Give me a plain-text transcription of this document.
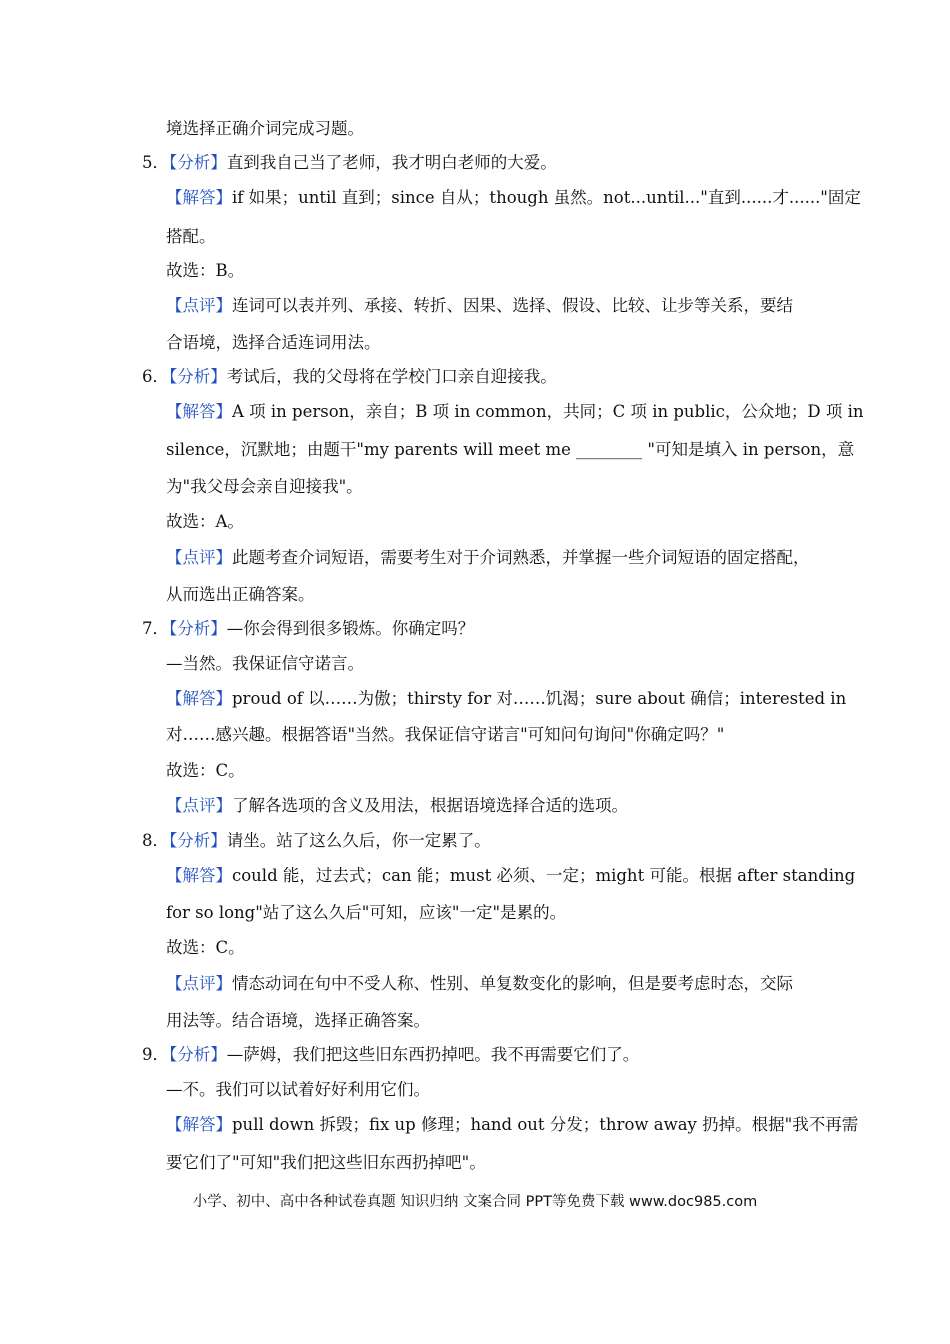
境选择正确介词完成习题。
5．【分析】直到我自己当了老师，我才明白老师的大爱。
【解答】if 如果；until 直到；since 自从；though 虽然。not...until..."直到......才......"固定
搭配。
故选：B。
【点评】连词可以表并列、承接、转折、因果、选择、假设、比较、让步等关系，要结
合语境，选择合适连词用法。
6．【分析】考试后，我的父母将在学校门口亲自迎接我。
【解答】A 项 in person，亲自；B 项 in common，共同；C 项 in public，公众地；D 项 in
silence，沉默地；由题干"my parents will meet me ________ "可知是填入 in person，意
为"我父母会亲自迎接我"。
故选：A。
【点评】此题考查介词短语，需要考生对于介词熟悉，并掌握一些介词短语的固定搭配，
从而选出正确答案。
7．【分析】—你会得到很多锻炼。你确定吗？
—当然。我保证信守诺言。
【解答】proud of 以……为傲；thirsty for 对……饥渴；sure about 确信；interested in
对……感兴趣。根据答语"当然。我保证信守诺言"可知问句询问"你确定吗？"
故选：C。
【点评】了解各选项的含义及用法，根据语境选择合适的选项。
8．【分析】请坐。站了这么久后，你一定累了。
【解答】could 能，过去式；can 能；must 必须、一定；might 可能。根据 after standing
for so long"站了这么久后"可知，应该"一定"是累的。
故选：C。
【点评】情态动词在句中不受人称、性别、单复数变化的影响，但是要考虑时态，交际
用法等。结合语境，选择正确答案。
9．【分析】—萨姆，我们把这些旧东西扔掉吧。我不再需要它们了。
—不。我们可以试着好好利用它们。
【解答】pull down 拆毁；fix up 修理；hand out 分发；throw away 扔掉。根据"我不再需
要它们了"可知"我们把这些旧东西扔掉吧"。
小学、初中、高中各种试卷真题 知识归纳 文案合同 PPT等免费下载 www.doc985.com
